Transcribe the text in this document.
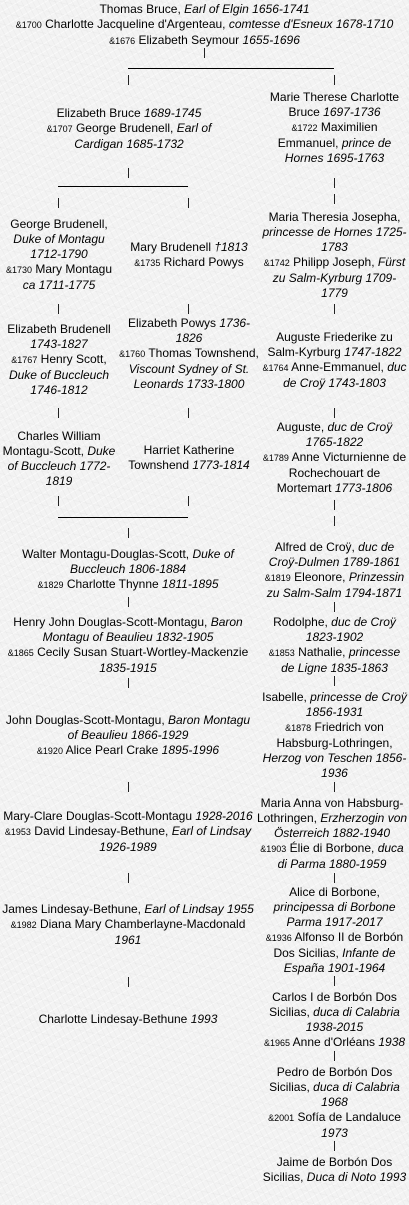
Thomas Bruce, Earl of Elgin 1656-1741
&1700 Charlotte Jacqueline d'Argenteau, comtesse d'Esneux 1678-1710
&1676 Elizabeth Seymour 1655-1696
Elizabeth Bruce 1689-1745
&1707 George Brudenell, Earl of Cardigan 1685-1732
George Brudenell, Duke of Montagu 1712-1790
&1730 Mary Montagu ca 1711-1775
Elizabeth Brudenell 1743-1827
&1767 Henry Scott, Duke of Buccleuch 1746-1812
Charles William Montagu-Scott, Duke of Buccleuch 1772-1819
Mary Brudenell †1813
&1735 Richard Powys
Elizabeth Powys 1736-1826
&1760 Thomas Townshend, Viscount Sydney of St. Leonards 1733-1800
Harriet Katherine Townshend 1773-1814
Walter Montagu-Douglas-Scott, Duke of Buccleuch 1806-1884
&1829 Charlotte Thynne 1811-1895
Henry John Douglas-Scott-Montagu, Baron Montagu of Beaulieu 1832-1905
&1865 Cecily Susan Stuart-Wortley-Mackenzie 1835-1915
John Douglas-Scott-Montagu, Baron Montagu of Beaulieu 1866-1929
&1920 Alice Pearl Crake 1895-1996
Mary-Clare Douglas-Scott-Montagu 1928-2016
&1953 David Lindesay-Bethune, Earl of Lindsay 1926-1989
James Lindesay-Bethune, Earl of Lindsay 1955
&1982 Diana Mary Chamberlayne-Macdonald 1961
Charlotte Lindesay-Bethune 1993
Marie Therese Charlotte Bruce 1697-1736
&1722 Maximilien Emmanuel, prince de Hornes 1695-1763
Maria Theresia Josepha, princesse de Hornes 1725-1783
&1742 Philipp Joseph, Fürst zu Salm-Kyrburg 1709-1779
Auguste Friederike zu Salm-Kyrburg 1747-1822
&1764 Anne-Emmanuel, duc de Croÿ 1743-1803
Auguste, duc de Croÿ 1765-1822
&1789 Anne Victurnienne de Rochechouart de Mortemart 1773-1806
Alfred de Croÿ, duc de Croÿ-Dulmen 1789-1861
&1819 Eleonore, Prinzessin zu Salm-Salm 1794-1871
Rodolphe, duc de Croÿ 1823-1902
&1853 Nathalie, princesse de Ligne 1835-1863
Isabelle, princesse de Croÿ 1856-1931
&1878 Friedrich von Habsburg-Lothringen, Herzog von Teschen 1856-1936
Maria Anna von Habsburg-Lothringen, Erzherzogin von Österreich 1882-1940
&1903 Élie di Borbone, duca di Parma 1880-1959
Alice di Borbone, principessa di Borbone Parma 1917-2017
&1936 Alfonso II de Borbón Dos Sicilias, Infante de España 1901-1964
Carlos I de Borbón Dos Sicilias, duca di Calabria 1938-2015
&1965 Anne d'Orléans 1938
Pedro de Borbón Dos Sicilias, duca di Calabria 1968
&2001 Sofía de Landaluce 1973
Jaime de Borbón Dos Sicilias, Duca di Noto 1993
